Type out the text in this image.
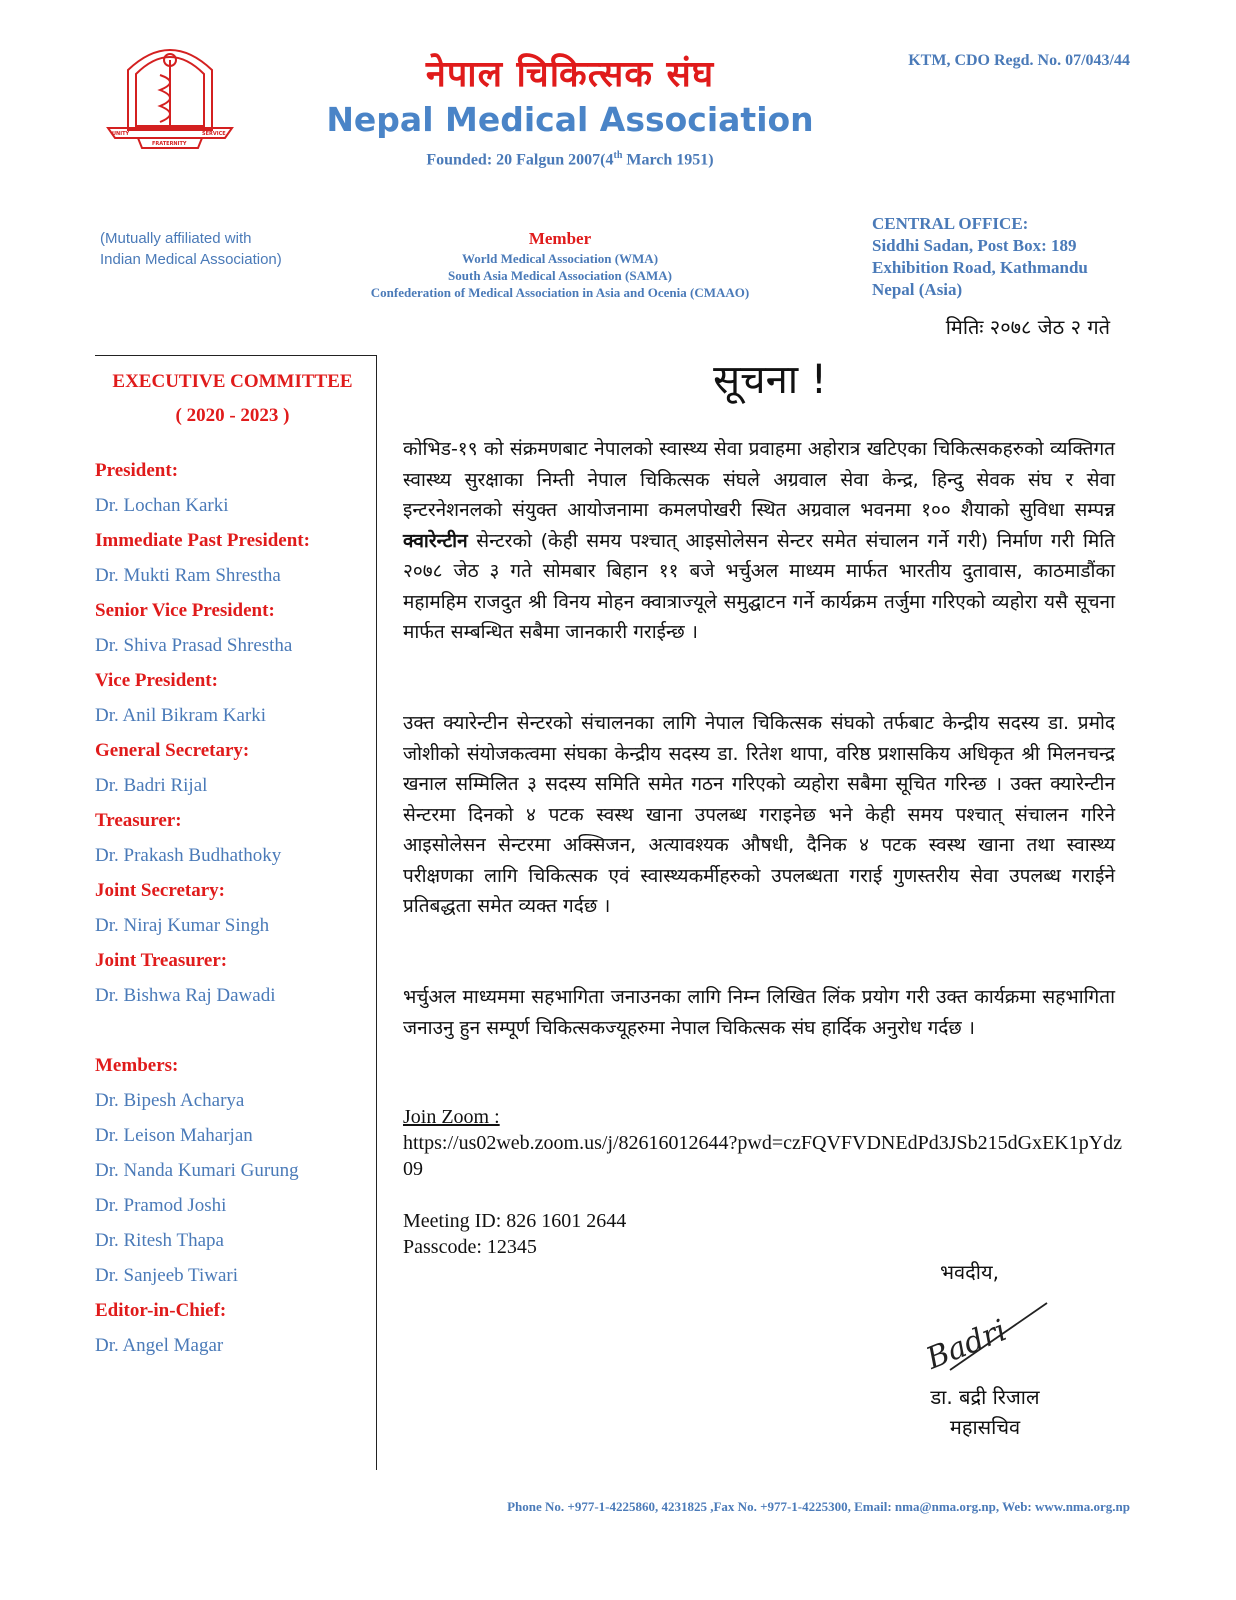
UNITY	SERVICE
FRATERNITY
नेपाल चिकित्सक संघ
Nepal Medical Association
Founded: 20 Falgun 2007(4th March 1951)
KTM, CDO Regd. No. 07/043/44
(Mutually affiliated with
Indian Medical Association)
Member
World Medical Association (WMA)
South Asia Medical Association (SAMA)
Confederation of Medical Association in Asia and Ocenia (CMAAO)
CENTRAL OFFICE:
Siddhi Sadan, Post Box: 189
Exhibition Road, Kathmandu
Nepal (Asia)
मितिः २०७८ जेठ २ गते
EXECUTIVE COMMITTEE
( 2020 - 2023 )
President:
Dr. Lochan Karki
Immediate Past President:
Dr. Mukti Ram Shrestha
Senior Vice President:
Dr. Shiva Prasad Shrestha
Vice President:
Dr. Anil Bikram Karki
General Secretary:
Dr. Badri Rijal
Treasurer:
Dr. Prakash Budhathoky
Joint Secretary:
Dr. Niraj Kumar Singh
Joint Treasurer:
Dr. Bishwa Raj Dawadi
Members:
Dr. Bipesh Acharya
Dr. Leison Maharjan
Dr. Nanda Kumari Gurung
Dr. Pramod Joshi
Dr. Ritesh Thapa
Dr. Sanjeeb Tiwari
Editor-in-Chief:
Dr. Angel Magar
सूचना !
कोभिड-१९ को संक्रमणबाट नेपालको स्वास्थ्य सेवा प्रवाहमा अहोरात्र खटिएका चिकित्सकहरुको व्यक्तिगत स्वास्थ्य सुरक्षाका निम्ती नेपाल चिकित्सक संघले अग्रवाल सेवा केन्द्र, हिन्दु सेवक संघ र सेवा इन्टरनेशनलको संयुक्त आयोजनामा कमलपोखरी स्थित अग्रवाल भवनमा १०० शैयाको सुविधा सम्पन्न क्वारेन्टीन सेन्टरको (केही समय पश्चात् आइसोलेसन सेन्टर समेत संचालन गर्ने गरी) निर्माण गरी मिति २०७८ जेठ ३ गते सोमबार बिहान ११ बजे भर्चुअल माध्यम मार्फत भारतीय दुतावास, काठमाडौंका महामहिम राजदुत श्री विनय मोहन क्वात्राज्यूले समुद्घाटन गर्ने कार्यक्रम तर्जुमा गरिएको व्यहोरा यसै सूचना मार्फत सम्बन्धित सबैमा जानकारी गराईन्छ ।
उक्त क्यारेन्टीन सेन्टरको संचालनका लागि नेपाल चिकित्सक संघको तर्फबाट केन्द्रीय सदस्य डा. प्रमोद जोशीको संयोजकत्वमा संघका केन्द्रीय सदस्य डा. रितेश थापा, वरिष्ठ प्रशासकिय अधिकृत श्री मिलनचन्द्र खनाल सम्मिलित ३ सदस्य समिति समेत गठन गरिएको व्यहोरा सबैमा सूचित गरिन्छ । उक्त क्यारेन्टीन सेन्टरमा दिनको ४ पटक स्वस्थ खाना उपलब्ध गराइनेछ भने केही समय पश्चात् संचालन गरिने आइसोलेसन सेन्टरमा अक्सिजन, अत्यावश्यक औषधी, दैनिक ४ पटक स्वस्थ खाना तथा स्वास्थ्य परीक्षणका लागि चिकित्सक एवं स्वास्थ्यकर्मीहरुको उपलब्धता गराई गुणस्तरीय सेवा उपलब्ध गराईने प्रतिबद्धता समेत व्यक्त गर्दछ ।
भर्चुअल माध्यममा सहभागिता जनाउनका लागि निम्न लिखित लिंक प्रयोग गरी उक्त कार्यक्रमा सहभागिता जनाउनु हुन सम्पूर्ण चिकित्सकज्यूहरुमा नेपाल चिकित्सक संघ हार्दिक अनुरोध गर्दछ ।
Join Zoom :
https://us02web.zoom.us/j/82616012644?pwd=czFQVFVDNEdPd3JSb215dGxEK1pYdz09
Meeting ID: 826 1601 2644
Passcode: 12345
भवदीय,
Badri
डा. बद्री रिजाल
महासचिव
Phone No. +977-1-4225860, 4231825 ,Fax No. +977-1-4225300, Email: nma@nma.org.np, Web: www.nma.org.np
